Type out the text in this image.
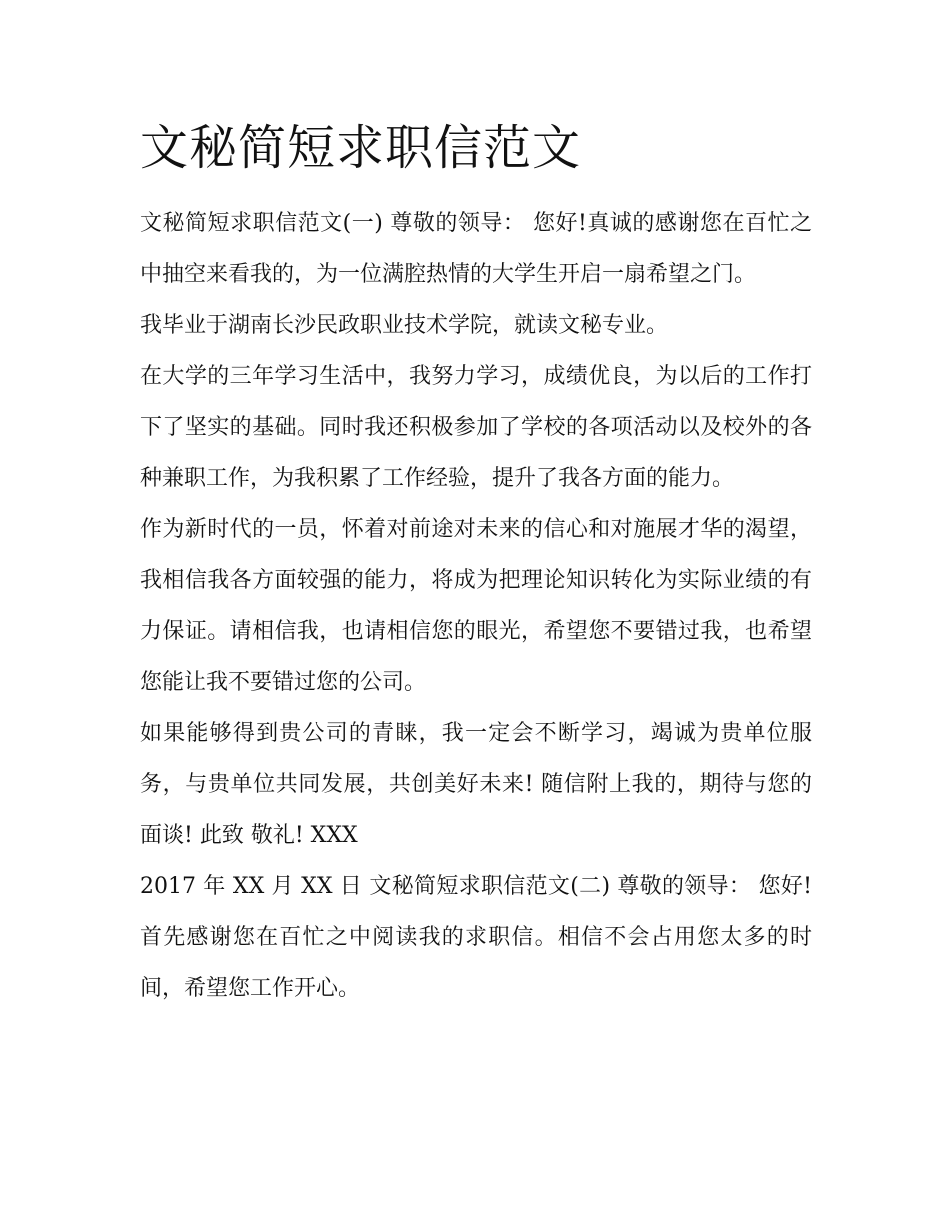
文秘简短求职信范文

文秘简短求职信范文(一) 尊敬的领导： 您好!真诚的感谢您在百忙之中抽空来看我的，为一位满腔热情的大学生开启一扇希望之门。

我毕业于湖南长沙民政职业技术学院，就读文秘专业。

在大学的三年学习生活中，我努力学习，成绩优良，为以后的工作打下了坚实的基础。同时我还积极参加了学校的各项活动以及校外的各种兼职工作，为我积累了工作经验，提升了我各方面的能力。

作为新时代的一员，怀着对前途对未来的信心和对施展才华的渴望，我相信我各方面较强的能力，将成为把理论知识转化为实际业绩的有力保证。请相信我，也请相信您的眼光，希望您不要错过我，也希望您能让我不要错过您的公司。

如果能够得到贵公司的青睐，我一定会不断学习，竭诚为贵单位服务，与贵单位共同发展，共创美好未来! 随信附上我的，期待与您的面谈! 此致 敬礼! XXX

2017 年 XX 月 XX 日 文秘简短求职信范文(二) 尊敬的领导： 您好! 首先感谢您在百忙之中阅读我的求职信。相信不会占用您太多的时间，希望您工作开心。
